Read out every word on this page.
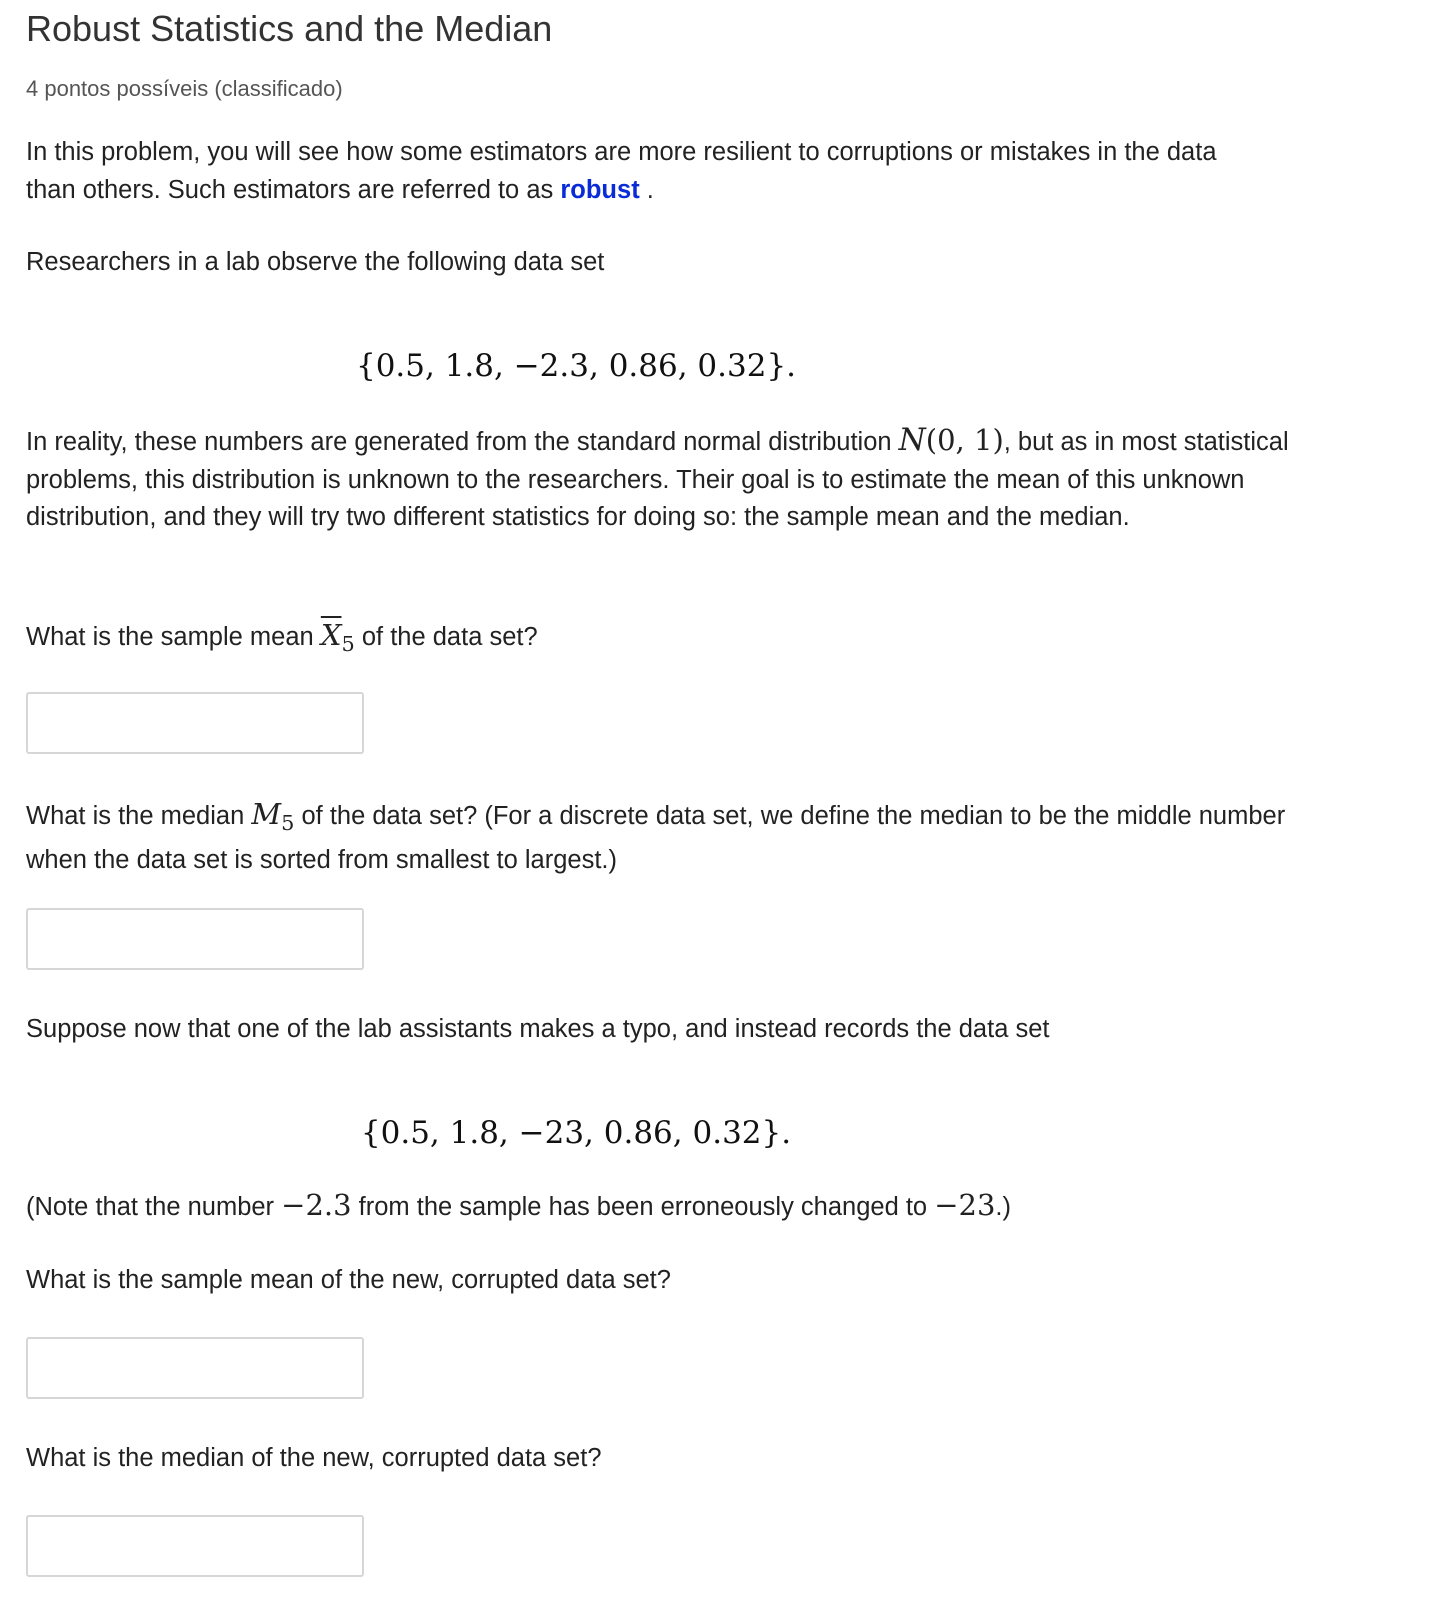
Robust Statistics and the Median
4 pontos possíveis (classificado)
In this problem, you will see how some estimators are more resilient to corruptions or mistakes in the data
than others. Such estimators are referred to as robust .
Researchers in a lab observe the following data set
{0.5, 1.8, −2.3, 0.86, 0.32}.
In reality, these numbers are generated from the standard normal distribution N(0, 1), but as in most statistical problems, this distribution is unknown to the researchers. Their goal is to estimate the mean of this unknown distribution, and they will try two different statistics for doing so: the sample mean and the median.
What is the sample mean $\overline{X}_5$ of the data set?
What is the median $M_5$ of the data set? (For a discrete data set, we define the median to be the middle number when the data set is sorted from smallest to largest.)
Suppose now that one of the lab assistants makes a typo, and instead records the data set
{0.5, 1.8, −23, 0.86, 0.32}.
(Note that the number −2.3 from the sample has been erroneously changed to −23.)
What is the sample mean of the new, corrupted data set?
What is the median of the new, corrupted data set?
